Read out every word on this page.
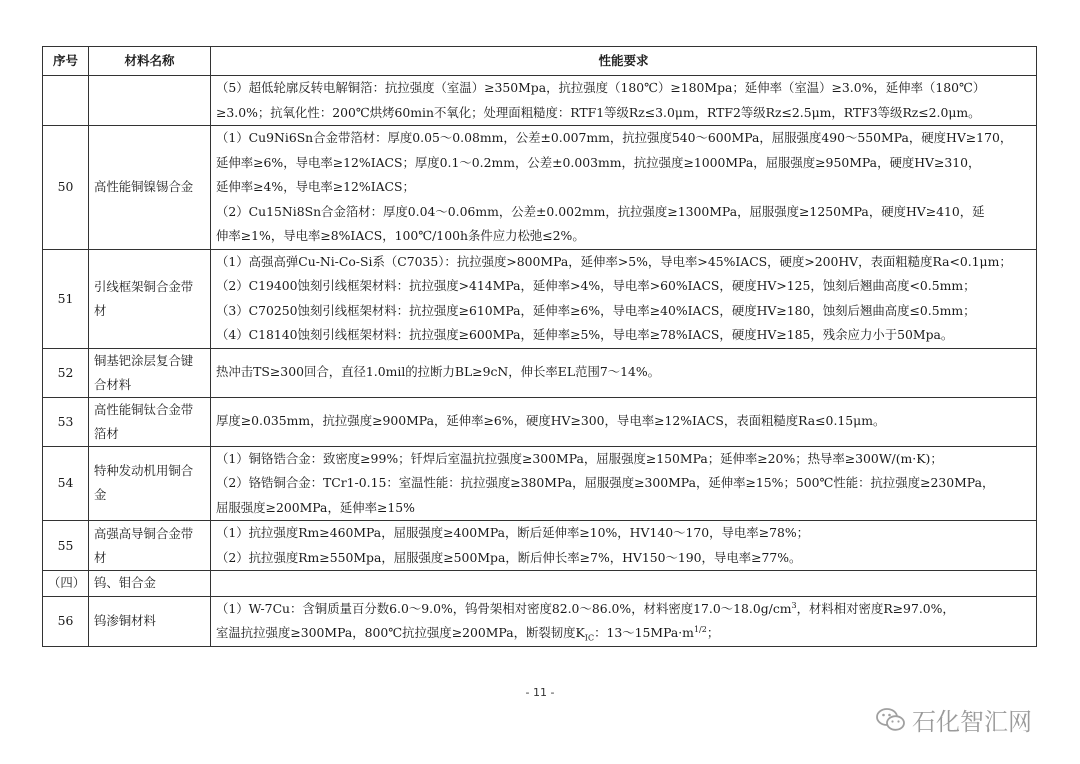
序号	材料名称	性能要求

		（5）超低轮廓反转电解铜箔：抗拉强度（室温）≥350Mpa，抗拉强度（180℃）≥180Mpa；延伸率（室温）≥3.0%，延伸率（180℃）
≥3.0%；抗氧化性：200℃烘烤60min不氧化；处理面粗糙度：RTF1等级Rz≤3.0μm，RTF2等级Rz≤2.5μm，RTF3等级Rz≤2.0μm。

50	高性能铜镍锡合金	（1）Cu9Ni6Sn合金带箔材：厚度0.05～0.08mm，公差±0.007mm，抗拉强度540～600MPa，屈服强度490～550MPa，硬度HV≥170，
延伸率≥6%，导电率≥12%IACS；厚度0.1～0.2mm，公差±0.003mm，抗拉强度≥1000MPa，屈服强度≥950MPa，硬度HV≥310，
延伸率≥4%，导电率≥12%IACS；
（2）Cu15Ni8Sn合金箔材：厚度0.04～0.06mm，公差±0.002mm，抗拉强度≥1300MPa，屈服强度≥1250MPa，硬度HV≥410，延
伸率≥1%，导电率≥8%IACS，100℃/100h条件应力松弛≤2%。

51	引线框架铜合金带材	（1）高强高弹Cu-Ni-Co-Si系（C7035）：抗拉强度>800MPa，延伸率>5%，导电率>45%IACS，硬度>200HV，表面粗糙度Ra<0.1μm；
（2）C19400蚀刻引线框架材料：抗拉强度>414MPa，延伸率>4%，导电率>60%IACS，硬度HV>125，蚀刻后翘曲高度<0.5mm；
（3）C70250蚀刻引线框架材料：抗拉强度≥610MPa，延伸率≥6%，导电率≥40%IACS，硬度HV≥180，蚀刻后翘曲高度≤0.5mm；
（4）C18140蚀刻引线框架材料：抗拉强度≥600MPa，延伸率≥5%，导电率≥78%IACS，硬度HV≥185，残余应力小于50Mpa。

52	铜基钯涂层复合键合材料	热冲击TS≥300回合，直径1.0mil的拉断力BL≥9cN，伸长率EL范围7～14%。

53	高性能铜钛合金带箔材	厚度≥0.035mm，抗拉强度≥900MPa，延伸率≥6%，硬度HV≥300，导电率≥12%IACS，表面粗糙度Ra≤0.15μm。

54	特种发动机用铜合金	（1）铜铬锆合金：致密度≥99%；钎焊后室温抗拉强度≥300MPa，屈服强度≥150MPa；延伸率≥20%；热导率≥300W/(m·K)；
（2）铬锆铜合金：TCr1-0.15：室温性能：抗拉强度≥380MPa，屈服强度≥300MPa，延伸率≥15%；500℃性能：抗拉强度≥230MPa，
屈服强度≥200MPa，延伸率≥15%

55	高强高导铜合金带材	（1）抗拉强度Rm≥460MPa，屈服强度≥400MPa，断后延伸率≥10%，HV140～170，导电率≥78%；
（2）抗拉强度Rm≥550Mpa，屈服强度≥500Mpa，断后伸长率≥7%，HV150～190，导电率≥77%。

（四）	钨、钼合金	

56	钨渗铜材料	（1）W-7Cu：含铜质量百分数6.0～9.0%，钨骨架相对密度82.0～86.0%，材料密度$17.0\sim 18.0g/cm^3$，材料相对密度R≥97.0%，
室温抗拉强度≥300MPa，800℃抗拉强度≥200MPa，断裂韧度$K_{IC}$：$13\sim 15MPa\cdot m^{1/2}$；
- 11 -
石化智汇网
